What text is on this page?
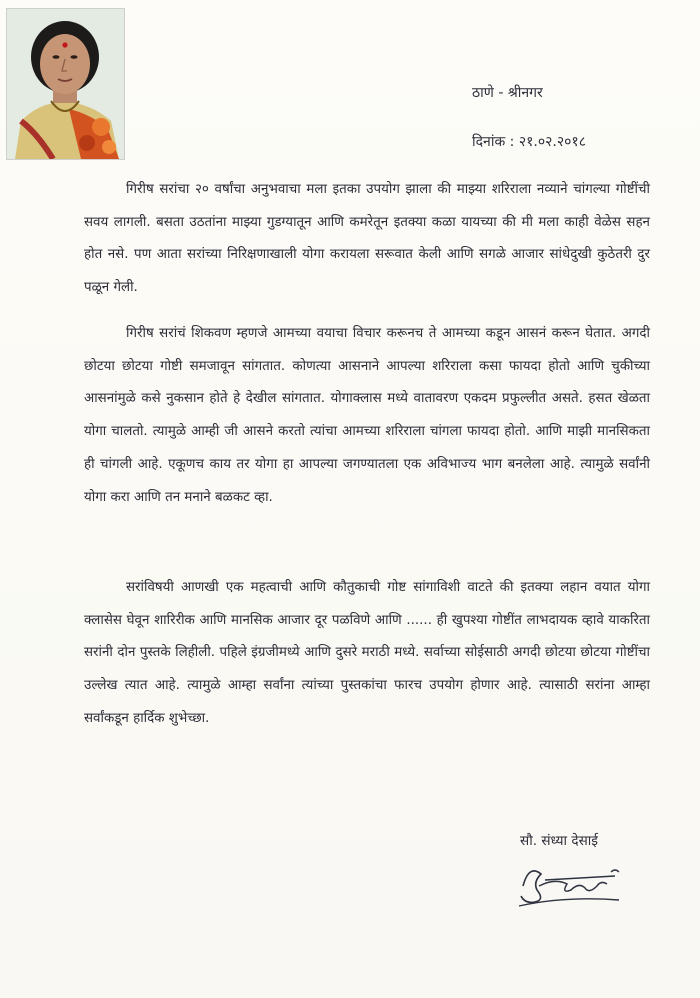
ठाणे - श्रीनगर
दिनांक : २१.०२.२०१८

गिरीष सरांचा २० वर्षांचा अनुभवाचा मला इतका उपयोग झाला की माझ्या शरिराला नव्याने चांगल्या गोष्टींची सवय लागली. बसता उठतांना माझ्या गुडग्यातून आणि कमरेतून इतक्या कळा यायच्या की मी मला काही वेळेस सहन होत नसे. पण आता सरांच्या निरिक्षणाखाली योगा करायला सरूवात केली आणि सगळे आजार सांधेदुखी कुठेतरी दुर पळून गेली.

गिरीष सरांचं शिकवण म्हणजे आमच्या वयाचा विचार करूनच ते आमच्या कडून आसनं करून घेतात. अगदी छोटया छोटया गोष्टी समजावून सांगतात. कोणत्या आसनाने आपल्या शरिराला कसा फायदा होतो आणि चुकीच्या आसनांमुळे कसे नुकसान होते हे देखील सांगतात. योगाक्लास मध्ये वातावरण एकदम प्रफुल्लीत असते. हसत खेळता योगा चालतो. त्यामुळे आम्ही जी आसने करतो त्यांचा आमच्या शरिराला चांगला फायदा होतो. आणि माझी मानसिकता ही चांगली आहे. एकूणच काय तर योगा हा आपल्या जगण्यातला एक अविभाज्य भाग बनलेला आहे. त्यामुळे सर्वांनी योगा करा आणि तन मनाने बळकट व्हा.

सरांविषयी आणखी एक महत्वाची आणि कौतुकाची गोष्ट सांगाविशी वाटते की इतक्या लहान वयात योगा क्लासेस घेवून शारिरीक आणि मानसिक आजार दूर पळविणे आणि ...... ही खुपश्या गोष्टींत लाभदायक व्हावे याकरिता सरांनी दोन पुस्तके लिहीली. पहिले इंग्रजीमध्ये आणि दुसरे मराठी मध्ये. सर्वाच्या सोईसाठी अगदी छोटया छोटया गोष्टींचा उल्लेख त्यात आहे. त्यामुळे आम्हा सर्वांना त्यांच्या पुस्तकांचा फारच उपयोग होणार आहे. त्यासाठी सरांना आम्हा सर्वांकडून हार्दिक शुभेच्छा.

सौ. संध्या देसाई
